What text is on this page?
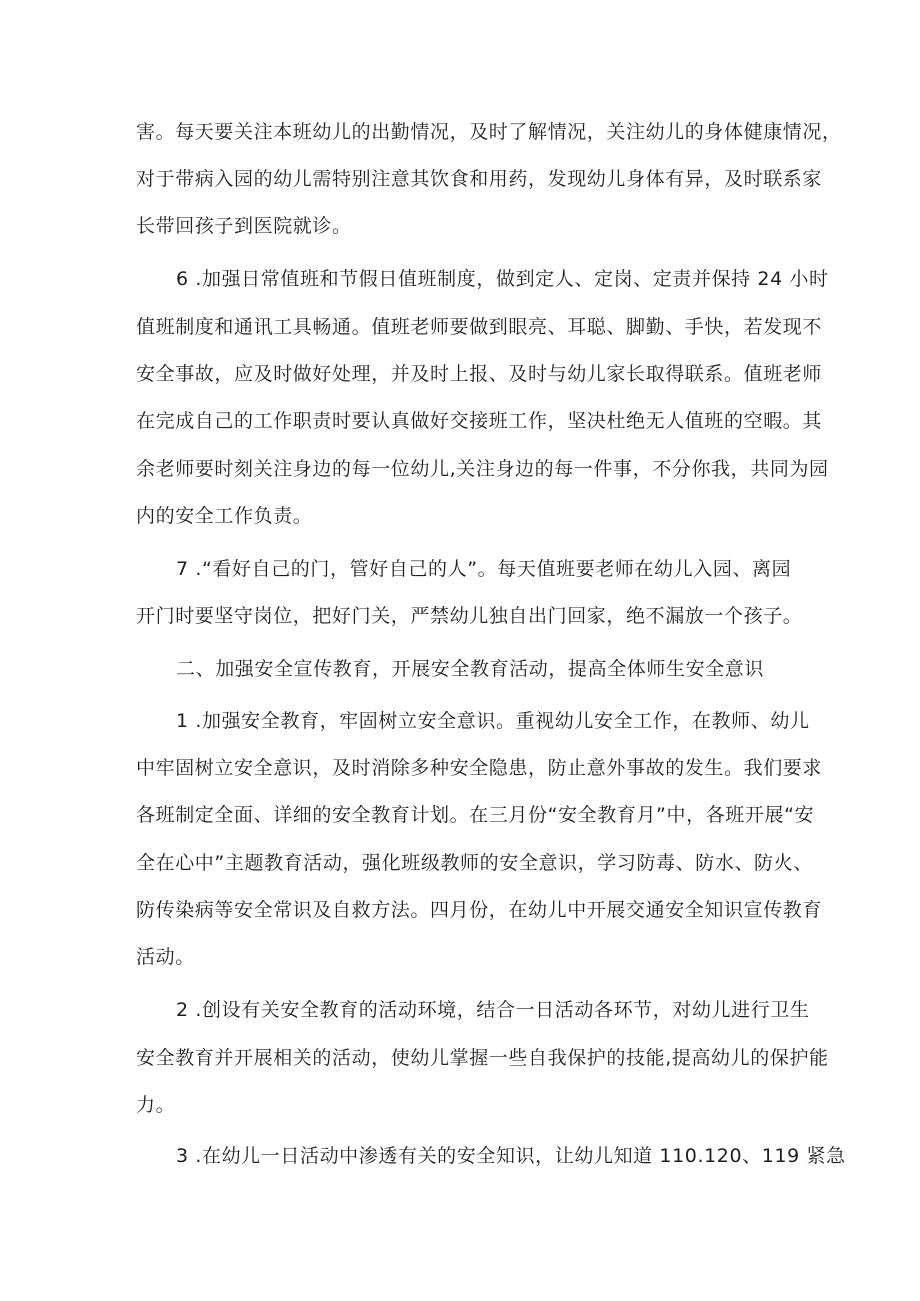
害。每天要关注本班幼儿的出勤情况，及时了解情况，关注幼儿的身体健康情况，
对于带病入园的幼儿需特别注意其饮食和用药，发现幼儿身体有异，及时联系家
长带回孩子到医院就诊。
6 .加强日常值班和节假日值班制度，做到定人、定岗、定责并保持 24 小时
值班制度和通讯工具畅通。值班老师要做到眼亮、耳聪、脚勤、手快，若发现不
安全事故，应及时做好处理，并及时上报、及时与幼儿家长取得联系。值班老师
在完成自己的工作职责时要认真做好交接班工作，坚决杜绝无人值班的空暇。其
余老师要时刻关注身边的每一位幼儿,关注身边的每一件事，不分你我，共同为园
内的安全工作负责。
7 .“看好自己的门，管好自己的人”。每天值班要老师在幼儿入园、离园
开门时要坚守岗位，把好门关，严禁幼儿独自出门回家，绝不漏放一个孩子。
二、加强安全宣传教育，开展安全教育活动，提高全体师生安全意识
1 .加强安全教育，牢固树立安全意识。重视幼儿安全工作，在教师、幼儿
中牢固树立安全意识，及时消除多种安全隐患，防止意外事故的发生。我们要求
各班制定全面、详细的安全教育计划。在三月份“安全教育月”中，各班开展“安
全在心中”主题教育活动，强化班级教师的安全意识，学习防毒、防水、防火、
防传染病等安全常识及自救方法。四月份，在幼儿中开展交通安全知识宣传教育
活动。
2 .创设有关安全教育的活动环境，结合一日活动各环节，对幼儿进行卫生
安全教育并开展相关的活动，使幼儿掌握一些自我保护的技能,提高幼儿的保护能
力。
3 .在幼儿一日活动中渗透有关的安全知识，让幼儿知道 110.120、119 紧急
